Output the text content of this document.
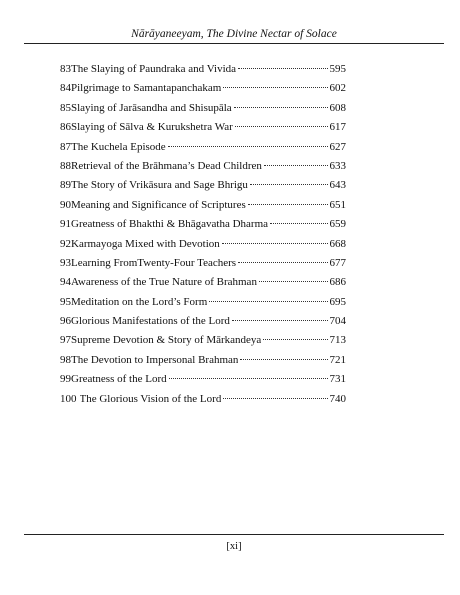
Nārāyaneeyam, The Divine Nectar of Solace
83 The Slaying of Paundraka and Vivida	595
84 Pilgrimage to Samantapanchakam	602
85 Slaying of Jarāsandha and Shisupāla	608
86 Slaying of Sālva & Kurukshetra War	617
87 The Kuchela Episode	627
88 Retrieval of the Brāhmana’s Dead Children	633
89 The Story of Vrikāsura and Sage Bhrigu	643
90 Meaning and Significance of Scriptures	651
91 Greatness of Bhakthi & Bhāgavatha Dharma	659
92 Karmayoga Mixed with Devotion	668
93 Learning FromTwenty-Four Teachers	677
94 Awareness of the True Nature of Brahman	686
95 Meditation on the Lord’s Form	695
96 Glorious Manifestations of the Lord	704
97 Supreme Devotion & Story of Mārkandeya	713
98 The Devotion to Impersonal Brahman	721
99 Greatness of the Lord	731
100 The Glorious Vision of the Lord	740
[xi]
